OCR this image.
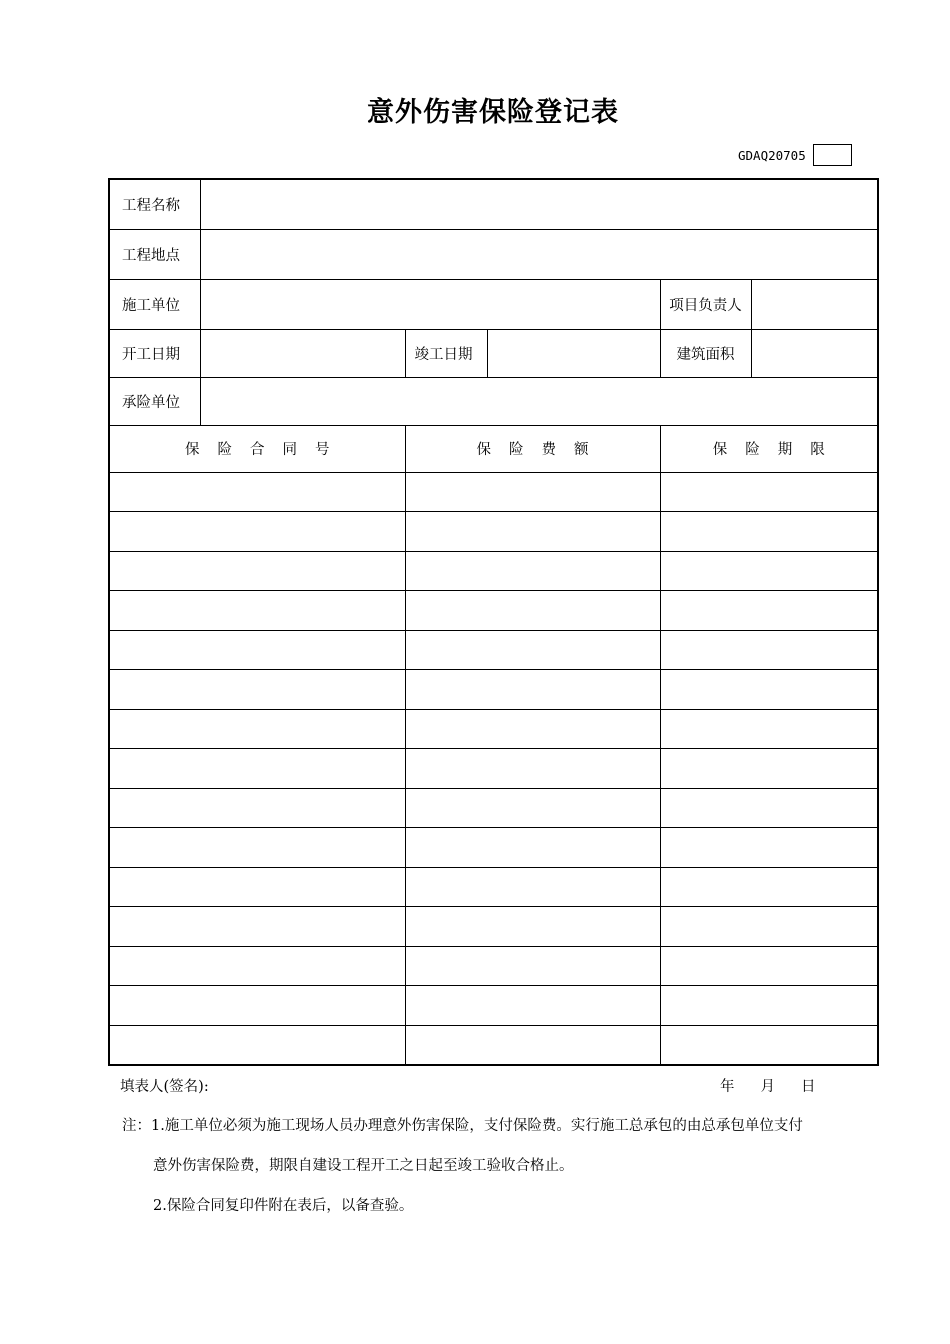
意外伤害保险登记表
GDAQ20705
工程名称					
工程地点					
施工单位				项目负责人	
开工日期		竣工日期		建筑面积	
承险单位					
保险合同号		保险费额		保险期限	

填表人(签名):	年 月 日
注：1.施工单位必须为施工现场人员办理意外伤害保险，支付保险费。实行施工总承包的由总承包单位支付
意外伤害保险费，期限自建设工程开工之日起至竣工验收合格止。
2.保险合同复印件附在表后，以备查验。
